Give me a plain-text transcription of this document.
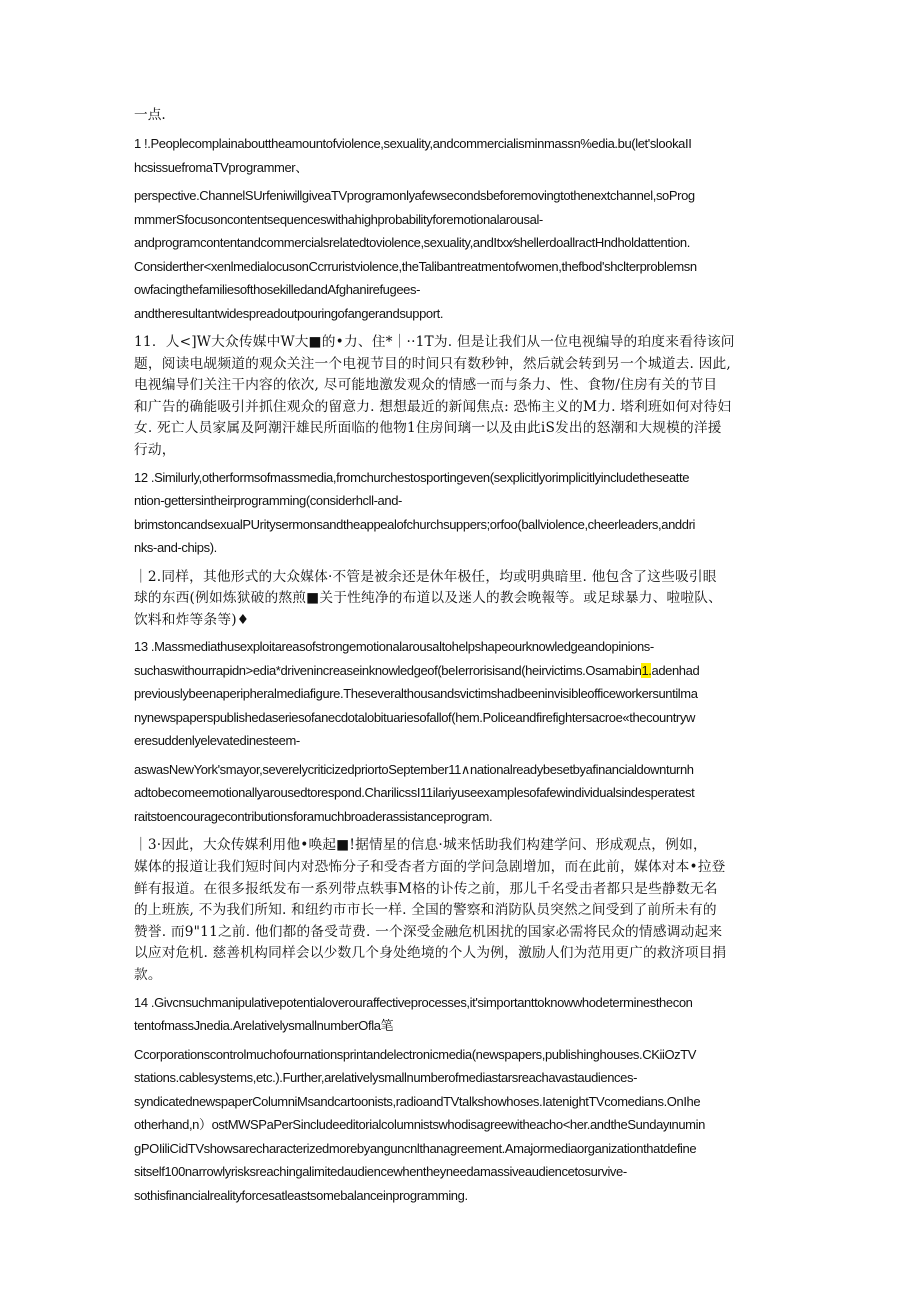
一点.
1 !.Peoplecomplainabouttheamountofviolence,sexuality,andcommercialisminmassn%edia.bu(let'slookaII
hcsissuefromaTVprogrammer、
perspective.ChannelSUrfeniwillgiveaTVprogramonlyafewsecondsbeforemovingtothenextchannel,soProg
mmmerSfocusoncontentsequenceswithahighprobabilityforemotionalarousal-
andprogramcontentandcommercialsrelatedtoviolence,sexuality,andItxx∕shellerdoallractHndholdattention.
Considerther<xenlmedialocusonCcrruristviolence,theTalibantreatmentofwomen,thefbod'shclterproblemsn
owfacingthefamiliesofthosekilledandAfghanirefugees-
andtheresultantwidespreadoutpouringofangerandsupport.
11．人<]W大众传媒中W大■的•力、住*｜··1T为. 但是让我们从一位电视编导的珀度来看待该问
题，阅读电觇频道的观众关注一个电视节目的时间只有数秒钟，然后就会转到另一个城道去. 因此,
电视编导们关注干内容的依次, 尽可能地激发观众的情感一而与条力、性、食物/住房有关的节目
和广告的确能吸引并抓住观众的留意力. 想想最近的新闻焦点: 恐怖主义的M力. 塔利班如何对待妇
女. 死亡人员家属及阿潮汗雄民所面临的他物1住房间璃一以及由此iS发出的怒潮和大规模的洋援
行动，
12 .Similurly,otherformsofmassmedia,fromchurchestosportingeven(sexplicitlyorimplicitlyincludetheseatte
ntion-gettersintheirprogramming(considerhcll-and-
brimstoncandsexualPUritysermonsandtheappealofchurchsuppers;orfoo(ballviolence,cheerleaders,anddri
nks-and-chips).
｜2.同样，其他形式的大众媒体·不管是被余还是休年极任，均或明典暗里. 他包含了这些吸引眼
球的东西(例如炼狱破的熬煎■关于性纯净的布道以及迷人的教会晚報等。或足球暴力、啦啦队、
饮料和炸等条等)♦
13 .Massmediathusexploitareasofstrongemotionalarousaltohelpshapeourknowledgeandopinions-
suchaswithourrapidn>edia*drivenincreaseinknowledgeof(beIerrorisisand(heirvictims.Osamabin1.adenhad
previouslybeenaperipheralmediafigure.Theseveralthousandsvictimshadbeeninvisibleofficeworkersuntilma
nynewspaperspublishedaseriesofanecdotalobituariesofallof(hem.Policeandfirefightersacroe«thecountryw
eresuddenlyelevatedinesteem-
aswasNewYork'smayor,severelycriticizedpriortoSeptember11∧nationalreadybesetbyafinancialdownturnh
adtobecomeemotionallyarousedtorespond.CharilicssI11ilariyuseexamplesofafewindividualsindesperatest
raitstoencouragecontributionsforamuchbroaderassistanceprogram.
｜3·因此，大众传媒利用他•唤起■!据情星的信息·城来恬助我们构建学问、形成观点，例如，
媒体的报道让我们短时间内对恐怖分子和受杏者方面的学问急剧增加，而在此前，媒体对本•拉登
鲜有报道。在很多报纸发布一系列带点轶事M格的讣传之前，那儿千名受击者都只是些静数无名
的上班族, 不为我们所知. 和纽约市市长一样. 全国的警察和消防队员突然之间受到了前所未有的
赞誉. 而9"11之前. 他们都的备受苛费. 一个深受金融危机困扰的国家必需将民众的情感调动起来
以应对危机. 慈善机构同样会以少数几个身处绝境的个人为例，激励人们为范用更广的救济项目捐
款。
14 .Givcnsuchmanipulativepotentialoverouraffectiveprocesses,it'simportanttoknowwhodeterminesthecon
tentofmassJnedia.ArelativelysmallnumberOfla笔
Ccorporationscontrolmuchofournationsprintandelectronicmedia(newspapers,publishinghouses.CKiiOzTV
stations.cablesystems,etc.).Further,arelativelysmallnumberofmediastarsreachavastaudiences-
syndicatednewspaperColumniMsandcartoonists,radioandTVtalkshowhoses.IatenightTVcomedians.OnIhe
otherhand,n）ostMWSPaPerSincludeeditorialcolumnistswhodisagreewitheacho<her.andtheSundayιnumin
gPOIiliCidTVshowsarecharacterizedmorebyanguncnlthanagreement.Amajormediaorganizationthatdefine
sitself100narrowlyrisksreachingalimitedaudiencewhentheyneedamassiveaudiencetosurvive-
sothisfinancialrealityforcesatleastsomebalanceinprogramming.
